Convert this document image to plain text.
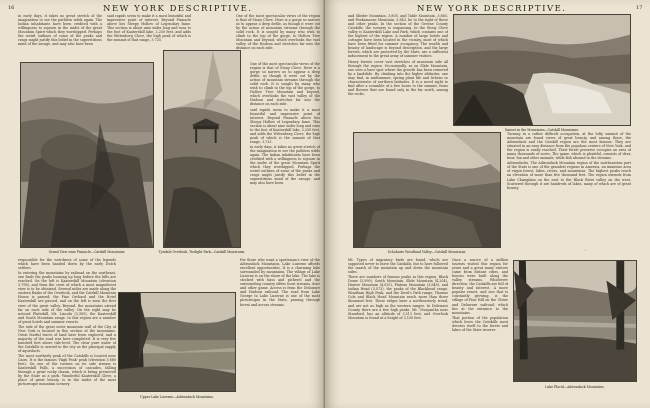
16	NEW YORK DESCRIPTIVE.

in early days, it takes no great stretch of the imagination to see the pathless wilds again. The Indian inhabitants have been credited with a willingness to sojourn in the midst of the great Mountain Spirit which they worshipped. Perhaps the weird outlines of some of the peaks and crags might justify this belief in the superstitious mind of the savage, and may also have been

said rapids seem to make it a most beautiful and impressive point of interest. Beyond Pinnacle above lies Sleepy Hollow of Legendary fame. This section is about nine miles long and runs to the foot of Kaaterskill lake, 2,250 feet, and adds the Wittenberg Clove, the high peak of which is the summit of that range, 3,725.

One of the most spectacular views of the region is that of Stony Clove. Here is a gorge so narrow as to appear a deep defile, as though it were cut by the action of mountain streams through the solid rock. It is sought by many who wish to climb to the top of the gorge, to Hollow Tree Mountain and beyond, which overlooks the vast valley of the Hudson and stretches far into the distance on each side.

Grand View near Pinnacle—Catskill Mountains.	Tyndale Overlook, Twilight Park—Catskill Mountains.

One of the most spectacular views of the region is that of Stony Clove. Here is a gorge so narrow as to appear a deep defile, as though it were cut by the action of mountain streams through the solid rock. It is sought by many who wish to climb to the top of the gorge, to Hollow Tree Mountain and beyond, which overlooks the vast valley of the Hudson and stretches far into the distance on each side.

said rapids seem to make it a most beautiful and impressive point of interest. Beyond Pinnacle above lies Sleepy Hollow of Legendary fame. This section is about nine miles long and runs to the foot of Kaaterskill lake, 2,250 feet, and adds the Wittenberg Clove, the high peak of which is the summit of that range, 3,725.

in early days, it takes no great stretch of the imagination to see the pathless wilds again. The Indian inhabitants have been credited with a willingness to sojourn in the midst of the great Mountain Spirit which they worshipped. Perhaps the weird outlines of some of the peaks and crags might justify this belief in the superstitious mind of the savage, and may also have been

responsible for the weirdness of some of the legends which have been handed down by the early Dutch settlers.

In entering the mountains by railroad on the northeast, one finds the peaks looming up long before the hills are reached. On the left is Kaaterskill Mountain (elevation 3,798), and from the crest of which a most magnificent view is to be obtained. Several miles are made along the eastern flanks of the Overlook, and the Catskill Mountain House is passed; the Pine Orchard and the Hotel Kaaterskill are passed, and on the left is seen the first view of the great valley. Beyond, the mountains extend far on each side of the valley. On the right may be noticed Plattekill, Mt. Lincoln (3,300), the Kaaterskill and South Mountain range. In this region are a number of great hotels and summer resorts.

The side of the great outer mountain wall of the City of New York is located in this section of the mountains. Great fearful tracts of land have been explored, and a majority of the road was here completed. It is very few hundred feet above tide-level. The clear pure water of the Catskills is carried to the city as the principal supply of aqueducts.

The most northerly peak of the Catskills is located near Cairo. It is the famous 'High Peak' peak (elevation 3,660 feet). On one of the ravines on its side stream is Kaaterskill Falls, a succession of cascades, falling through a great rocky chasm, which is being preserved by the State as a park. Wonderful Kaaterskill Clove, a place of great beauty, is in the midst of the most picturesque mountain scenery.

Upper Lake Luzerne—Adirondack Mountains.

For those who want a sportsman's view of the Adirondack Mountains, Lake Luzerne affords excellent opportunities. It is a charming lake surrounded by mountains. The village of Lake Luzerne is on the shore of the lake. The lake is stocked with bass and pickerel and the surrounding country offers trout streams, deer and other game. Access is from the Delaware and Hudson railroad. The road from Lake George to Lake Luzerne is one of the most picturesque in the State, passing through forest and across streams.

NEW YORK DESCRIPTIVE.	17

and Slieder Mountain, 3,805, and Table Mountain, 3,865, and Peekamoose Mountain, 3,843, lie to the right of these and other peaks. In the section of the Greene County Catskills, the scenery is surpassing. In the Stony Clove valley is Kaaterskill Lake and Park, which contains one of the highest of the region. A number of large hotels and cottages have been located in the vicinity, most of which have been fitted for summer occupancy. The wealth and beauty of landscape is beyond description, and the large forests, which are protected by the State, are a sufficient inducement to the great army of summer visitors.

Heavy forests cover vast stretches of mountain side all through the region. Occasionally, as on Slide Mountain, one sees a bare spot where the growth has been removed by a landslide. By climbing into the higher altitudes, one may find, in midsummer, spring plant life and lichens so characteristic of northern latitudes. It is a novel sight to find after a scramble of a few hours to the summit, ferns and flowers that are found only in the far north, among the rocks.

Sunset in the Mountains—Catskill Mountains.
Schoharie Woodland Valley—Catskill Mountains.

Turning in a rather difficult occupation, at the lofty summit of the mountain are found views of great beauty, and among these, the Adirondack and the Catskill region are the most famous. They are situated in an easy distance from the populous centers of New York, and the region is easily reached. Their forest preserve occupies an area of many thousands of acres. The game, which is plentiful, consists of deer, bear, fox and other animals; while fish abound in the streams.

Adirondacks. The Adirondack Mountain region of the northeastern part of the State is one of the grandest regions in America, an immense area of virgin forest, lakes, rivers, and mountains. The highest peaks reach an elevation of more than five thousand feet. The region extends from Lake Champlain on the east to the Black River valley on the west. Scattered through it are hundreds of lakes, many of which are of great beauty.

Mt. Types of migratory birds are found, which are supposed never to leave the Catskills, but to have followed the march of the mountain up and down the mountain sides.

There are numbers of famous peaks in this region, Black Dome (3,990), South Mountain, Slide Mountain (4,204), Hunter Mountain (4,025), Plateau Mountain (3,840), and Indian Head (3,573), the peaks of the Blackhead range, Windham High Peak, and the Devil's Path range; Thomas Cole and Black Head Mountain reach more than three thousand feet. These ridges have a northeasterly trend, and are not as high as the western ranges. In Delaware County there are a few high peaks. Mt. Utsayantha near Stamford, has an altitude of 3,213 feet, and Overlook Mountain is found at a height of 3,150 feet.

Once a source of a million tourists visited this region for years and a great many visitors came from distant cities, and houses were built along the valley streams. Whichever direction, the Catskills are full of beauty and interest. A more popular resort, and one that is constantly growing, is the village of Pine Hill on the Ulster and Delaware railroad, which lies at the entrance to the mountains.

That portion of the population which loves the Catskills most devotes itself to the forest and lakes of the State reserve.

Lake Placid—Adirondack Mountains.
